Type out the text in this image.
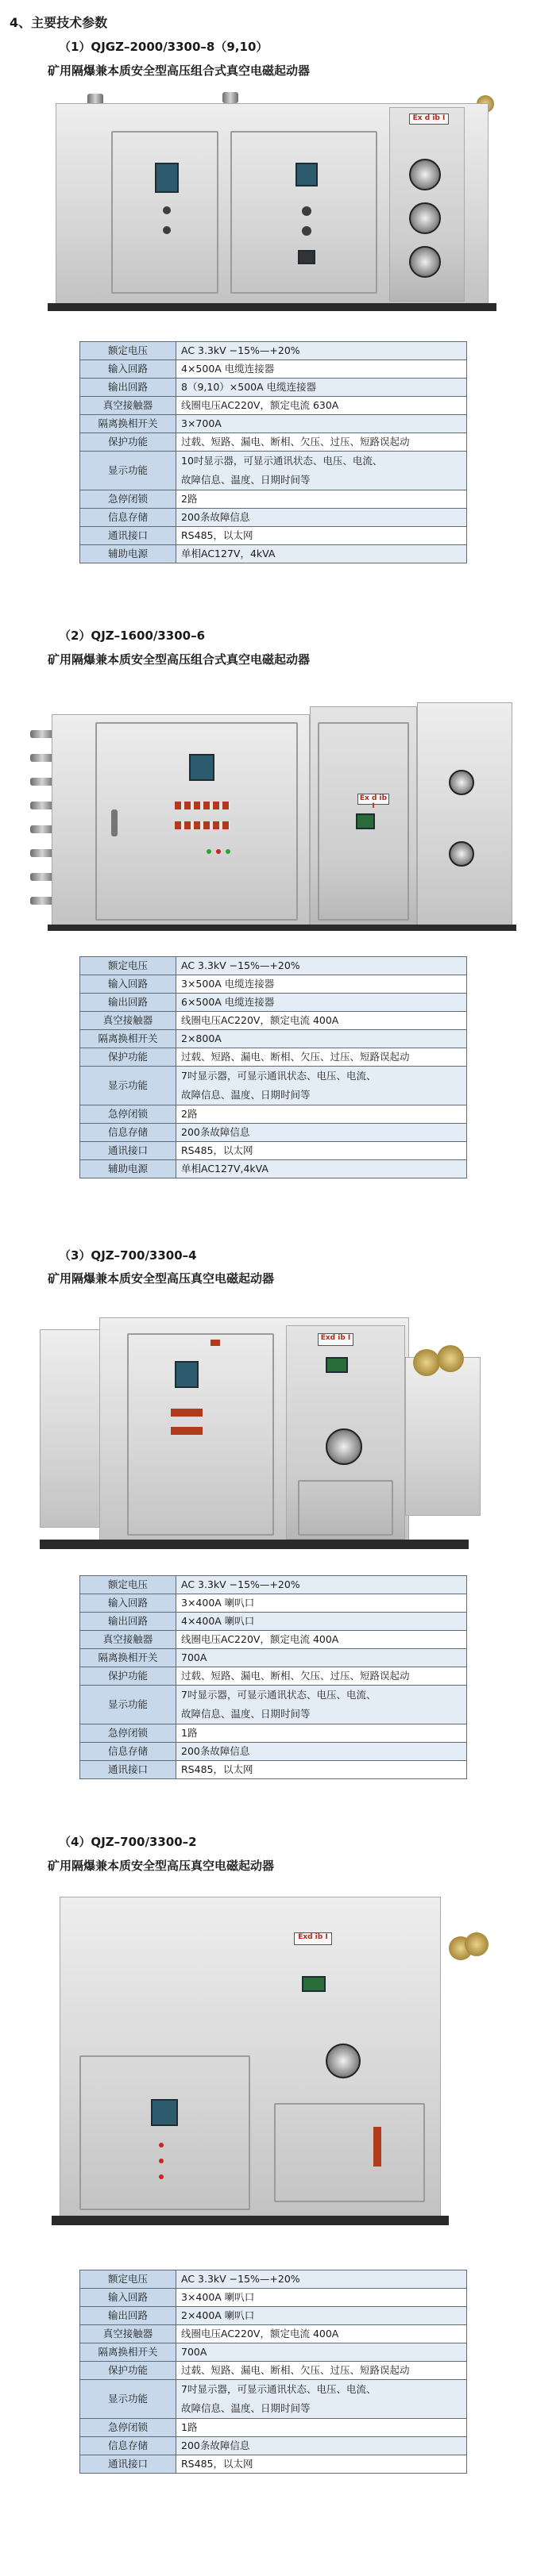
4、主要技术参数
（1）QJGZ–2000/3300–8（9,10）
矿用隔爆兼本质安全型高压组合式真空电磁起动器
Ex d ib I
额定电压	AC 3.3kV −15%—+20%
输入回路	4×500A 电缆连接器
输出回路	8（9,10）×500A 电缆连接器
真空接触器	线圈电压AC220V，额定电流 630A
隔离换相开关	3×700A
保护功能	过载、短路、漏电、断相、欠压、过压、短路误起动
显示功能	10吋显示器，可显示通讯状态、电压、电流、
故障信息、温度、日期时间等

急停闭锁	2路
信息存储	200条故障信息
通讯接口	RS485，以太网
辅助电源	单相AC127V，4kVA
（2）QJZ–1600/3300–6
矿用隔爆兼本质安全型高压组合式真空电磁起动器
Ex d ib I
额定电压	AC 3.3kV −15%—+20%
输入回路	3×500A 电缆连接器
输出回路	6×500A 电缆连接器
真空接触器	线圈电压AC220V，额定电流 400A
隔离换相开关	2×800A
保护功能	过载、短路、漏电、断相、欠压、过压、短路误起动
显示功能	7吋显示器，可显示通讯状态、电压、电流、
故障信息、温度、日期时间等

急停闭锁	2路
信息存储	200条故障信息
通讯接口	RS485，以太网
辅助电源	单相AC127V,4kVA
（3）QJZ–700/3300–4
矿用隔爆兼本质安全型高压真空电磁起动器
Exd ib I
额定电压	AC 3.3kV −15%—+20%
输入回路	3×400A 喇叭口
输出回路	4×400A 喇叭口
真空接触器	线圈电压AC220V，额定电流 400A
隔离换相开关	700A
保护功能	过载、短路、漏电、断相、欠压、过压、短路误起动
显示功能	7吋显示器，可显示通讯状态、电压、电流、
故障信息、温度、日期时间等

急停闭锁	1路
信息存储	200条故障信息
通讯接口	RS485，以太网
（4）QJZ–700/3300–2
矿用隔爆兼本质安全型高压真空电磁起动器
Exd ib I
额定电压	AC 3.3kV −15%—+20%
输入回路	3×400A 喇叭口
输出回路	2×400A 喇叭口
真空接触器	线圈电压AC220V，额定电流 400A
隔离换相开关	700A
保护功能	过载、短路、漏电、断相、欠压、过压、短路误起动
显示功能	7吋显示器，可显示通讯状态、电压、电流、
故障信息、温度、日期时间等

急停闭锁	1路
信息存储	200条故障信息
通讯接口	RS485，以太网
